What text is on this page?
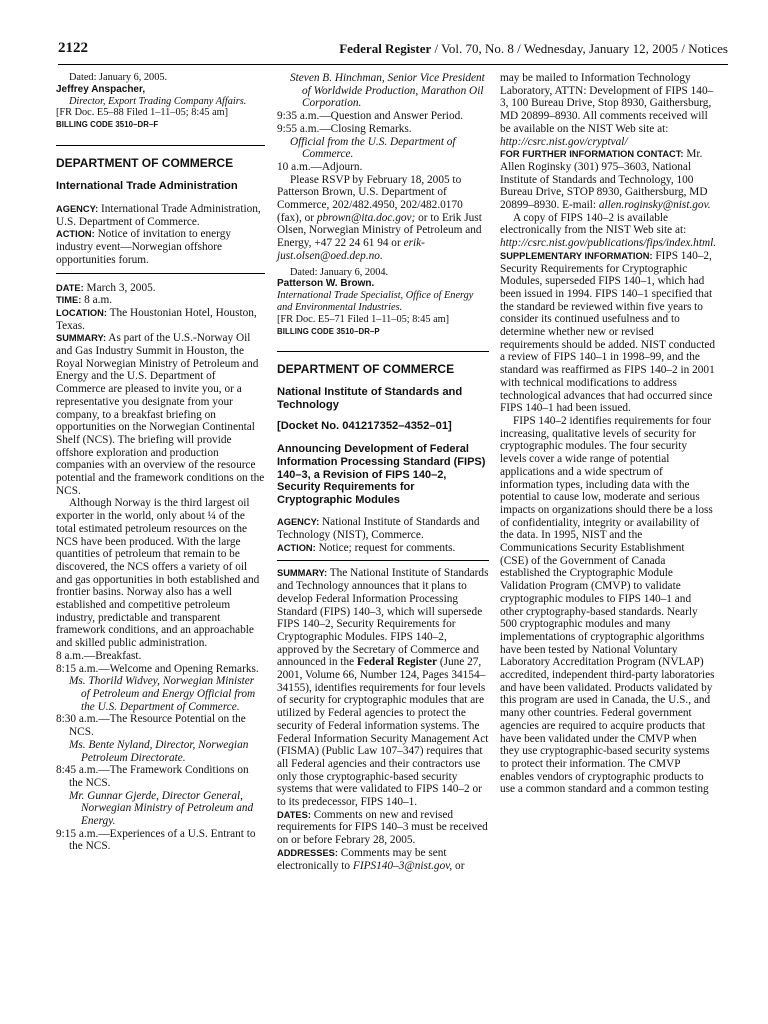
2122	Federal Register / Vol. 70, No. 8 / Wednesday, January 12, 2005 / Notices

Dated: January 6, 2005.

Jeffrey Anspacher,

Director, Export Trading Company Affairs.

[FR Doc. E5–88 Filed 1–11–05; 8:45 am]

BILLING CODE 3510–DR–F

DEPARTMENT OF COMMERCE

International Trade Administration

AGENCY: International Trade Administration, U.S. Department of Commerce.

ACTION: Notice of invitation to energy industry event—Norwegian offshore opportunities forum.

DATE: March 3, 2005.

TIME: 8 a.m.

LOCATION: The Houstonian Hotel, Houston, Texas.

SUMMARY: As part of the U.S.-Norway Oil and Gas Industry Summit in Houston, the Royal Norwegian Ministry of Petroleum and Energy and the U.S. Department of Commerce are pleased to invite you, or a representative you designate from your company, to a breakfast briefing on opportunities on the Norwegian Continental Shelf (NCS). The briefing will provide offshore exploration and production companies with an overview of the resource potential and the framework conditions on the NCS.

Although Norway is the third largest oil exporter in the world, only about ¼ of the total estimated petroleum resources on the NCS have been produced. With the large quantities of petroleum that remain to be discovered, the NCS offers a variety of oil and gas opportunities in both established and frontier basins. Norway also has a well established and competitive petroleum industry, predictable and transparent framework conditions, and an approachable and skilled public administration.

8 a.m.—Breakfast.

8:15 a.m.—Welcome and Opening Remarks.

Ms. Thorild Widvey, Norwegian Minister of Petroleum and Energy Official from the U.S. Department of Commerce.

8:30 a.m.—The Resource Potential on the NCS.

Ms. Bente Nyland, Director, Norwegian Petroleum Directorate.

8:45 a.m.—The Framework Conditions on the NCS.

Mr. Gunnar Gjerde, Director General, Norwegian Ministry of Petroleum and Energy.

9:15 a.m.—Experiences of a U.S. Entrant to the NCS.

Steven B. Hinchman, Senior Vice President of Worldwide Production, Marathon Oil Corporation.

9:35 a.m.—Question and Answer Period.

9:55 a.m.—Closing Remarks.

Official from the U.S. Department of Commerce.

10 a.m.—Adjourn.

Please RSVP by February 18, 2005 to Patterson Brown, U.S. Department of Commerce, 202/482.4950, 202/482.0170 (fax), or pbrown@ita.doc.gov; or to Erik Just Olsen, Norwegian Ministry of Petroleum and Energy, +47 22 24 61 94 or erik-just.olsen@oed.dep.no.

Dated: January 6, 2004.

Patterson W. Brown.

International Trade Specialist, Office of Energy and Environmental Industries.

[FR Doc. E5–71 Filed 1–11–05; 8:45 am]

BILLING CODE 3510–DR–P

DEPARTMENT OF COMMERCE

National Institute of Standards and Technology

[Docket No. 041217352–4352–01]

Announcing Development of Federal Information Processing Standard (FIPS) 140–3, a Revision of FIPS 140–2, Security Requirements for Cryptographic Modules

AGENCY: National Institute of Standards and Technology (NIST), Commerce.

ACTION: Notice; request for comments.

SUMMARY: The National Institute of Standards and Technology announces that it plans to develop Federal Information Processing Standard (FIPS) 140–3, which will supersede FIPS 140–2, Security Requirements for Cryptographic Modules. FIPS 140–2, approved by the Secretary of Commerce and announced in the Federal Register (June 27, 2001, Volume 66, Number 124, Pages 34154–34155), identifies requirements for four levels of security for cryptographic modules that are utilized by Federal agencies to protect the security of Federal information systems. The Federal Information Security Management Act (FISMA) (Public Law 107–347) requires that all Federal agencies and their contractors use only those cryptographic-based security systems that were validated to FIPS 140–2 or to its predecessor, FIPS 140–1.

DATES: Comments on new and revised requirements for FIPS 140–3 must be received on or before Febrary 28, 2005.

ADDRESSES: Comments may be sent electronically to FIPS140–3@nist.gov, or

may be mailed to Information Technology Laboratory, ATTN: Development of FIPS 140–3, 100 Bureau Drive, Stop 8930, Gaithersburg, MD 20899–8930. All comments received will be available on the NIST Web site at: http://csrc.nist.gov/cryptval/

FOR FURTHER INFORMATION CONTACT: Mr. Allen Roginsky (301) 975–3603, National Institute of Standards and Technology, 100 Bureau Drive, STOP 8930, Gaithersburg, MD 20899–8930. E-mail: allen.roginsky@nist.gov.

A copy of FIPS 140–2 is available electronically from the NIST Web site at: http://csrc.nist.gov/publications/fips/index.html.

SUPPLEMENTARY INFORMATION: FIPS 140–2, Security Requirements for Cryptographic Modules, superseded FIPS 140–1, which had been issued in 1994. FIPS 140–1 specified that the standard be reviewed within five years to consider its continued usefulness and to determine whether new or revised requirements should be added. NIST conducted a review of FIPS 140–1 in 1998–99, and the standard was reaffirmed as FIPS 140–2 in 2001 with technical modifications to address technological advances that had occurred since FIPS 140–1 had been issued.

FIPS 140–2 identifies requirements for four increasing, qualitative levels of security for cryptographic modules. The four security levels cover a wide range of potential applications and a wide spectrum of information types, including data with the potential to cause low, moderate and serious impacts on organizations should there be a loss of confidentiality, integrity or availability of the data. In 1995, NIST and the Communications Security Establishment (CSE) of the Government of Canada established the Cryptographic Module Validation Program (CMVP) to validate cryptographic modules to FIPS 140–1 and other cryptography-based standards. Nearly 500 cryptographic modules and many implementations of cryptographic algorithms have been tested by National Voluntary Laboratory Accreditation Program (NVLAP) accredited, independent third-party laboratories and have been validated. Products validated by this program are used in Canada, the U.S., and many other countries. Federal government agencies are required to acquire products that have been validated under the CMVP when they use cryptographic-based security systems to protect their information. The CMVP enables vendors of cryptographic products to use a common standard and a common testing
